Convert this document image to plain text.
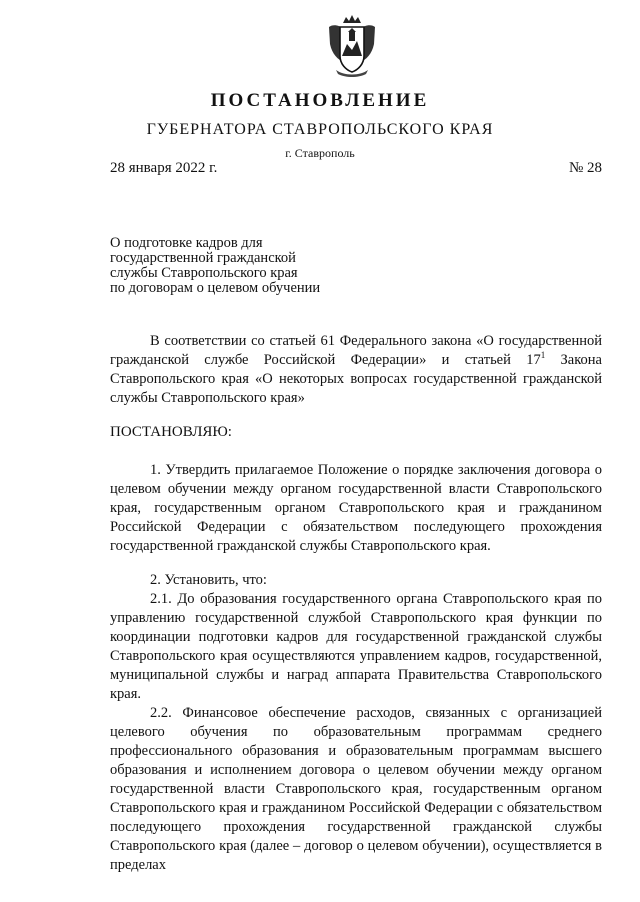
ПОСТАНОВЛЕНИЕ

ГУБЕРНАТОРА СТАВРОПОЛЬСКОГО КРАЯ

г. Ставрополь

28 января 2022 г.	№ 28
О подготовке кадров для
государственной гражданской
службы Ставропольского края
по договорам о целевом обучении

В соответствии со статьей 61 Федерального закона «О государственной гражданской службе Российской Федерации» и статьей $17^1$ Закона Ставропольского края «О некоторых вопросах государственной гражданской службы Ставропольского края»

ПОСТАНОВЛЯЮ:

1. Утвердить прилагаемое Положение о порядке заключения договора о целевом обучении между органом государственной власти Ставропольского края, государственным органом Ставропольского края и гражданином Российской Федерации с обязательством последующего прохождения государственной гражданской службы Ставропольского края.

2. Установить, что:

2.1. До образования государственного органа Ставропольского края по управлению государственной службой Ставропольского края функции по координации подготовки кадров для государственной гражданской службы Ставропольского края осуществляются управлением кадров, государственной, муниципальной службы и наград аппарата Правительства Ставропольского края.

2.2. Финансовое обеспечение расходов, связанных с организацией целевого обучения по образовательным программам среднего профессионального образования и образовательным программам высшего образования и исполнением договора о целевом обучении между органом государственной власти Ставропольского края, государственным органом Ставропольского края и гражданином Российской Федерации с обязательством последующего прохождения государственной гражданской службы Ставропольского края (далее – договор о целевом обучении), осуществляется в пределах
